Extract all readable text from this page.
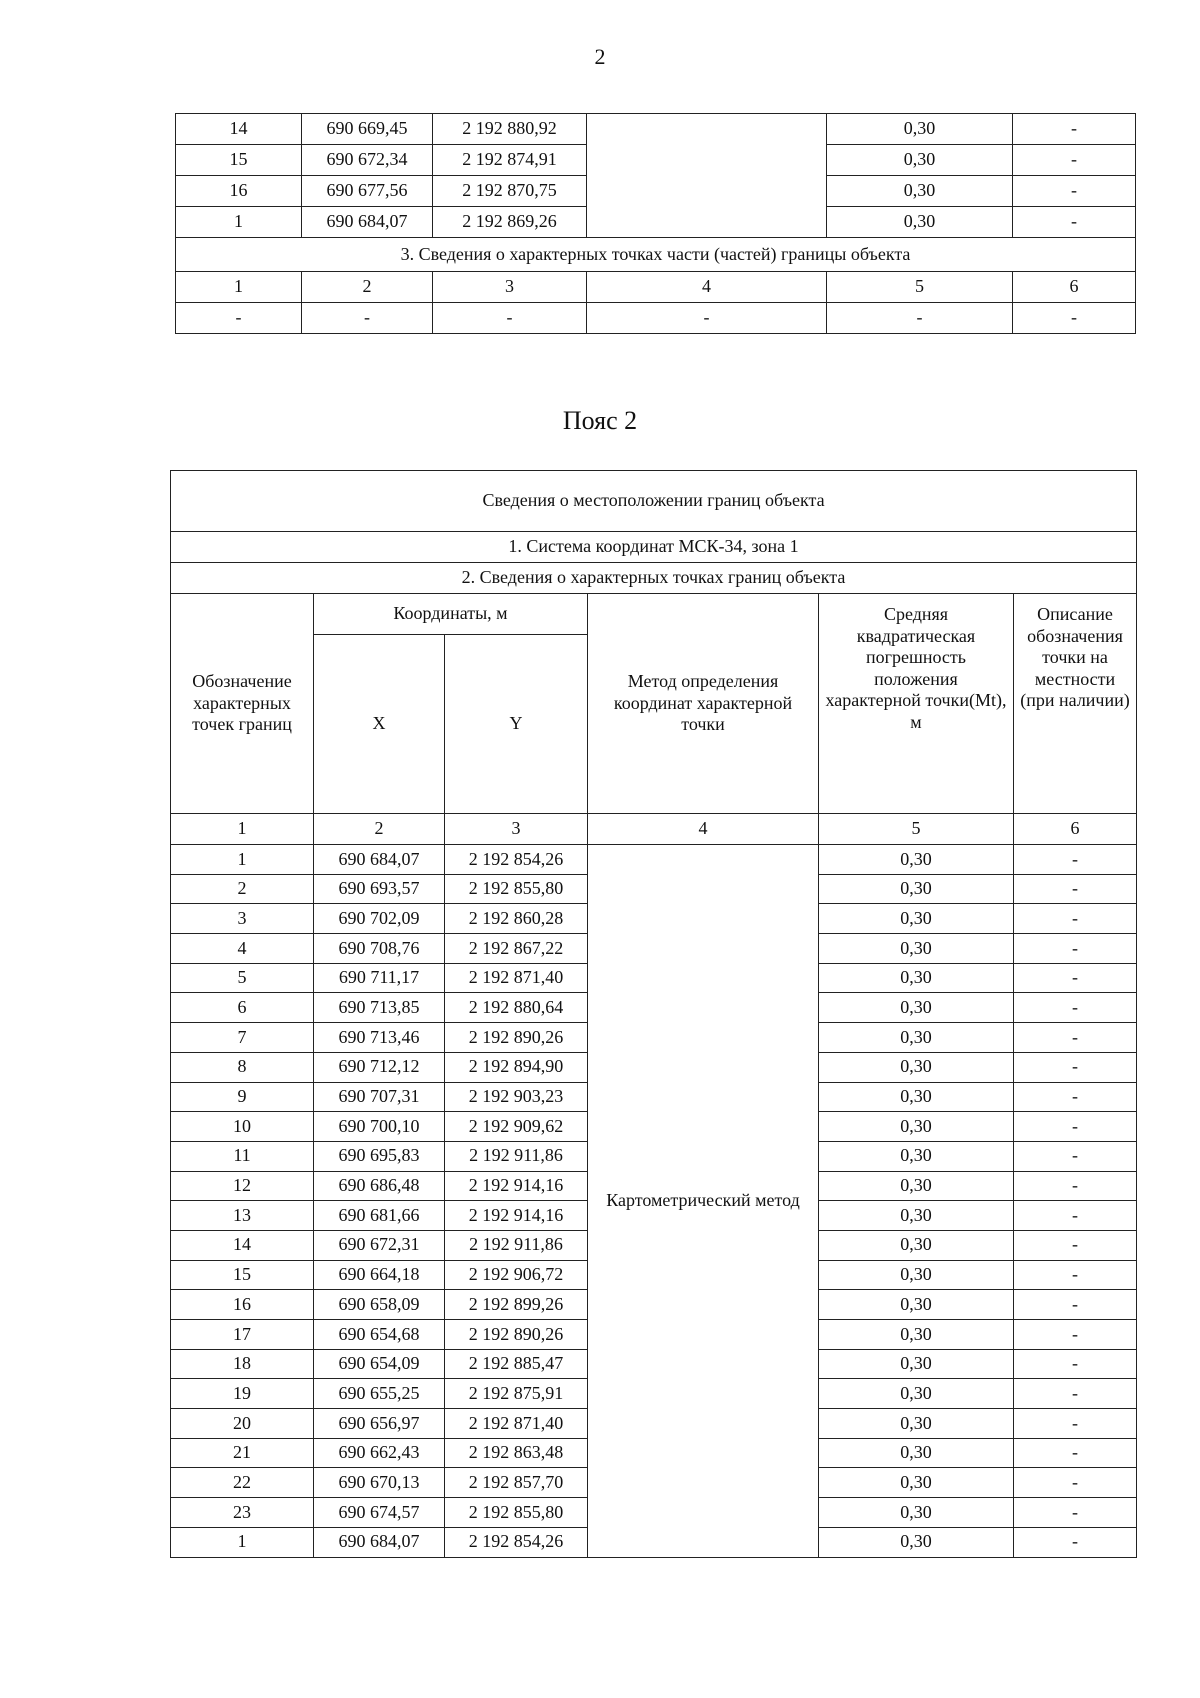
2
14	690 669,45	2 192 880,92		0,30	-
15	690 672,34	2 192 874,91		0,30	-
16	690 677,56	2 192 870,75		0,30	-
1	690 684,07	2 192 869,26		0,30	-
3. Сведения о характерных точках части (частей) границы объекта					
1	2	3	4	5	6
-	-	-	-	-	-
Пояс 2
Сведения о местоположении границ объекта					

1. Система координат МСК-34, зона 1					
2. Сведения о характерных точках границ объекта					
Обозначение характерных точек границ	Координаты, м		Метод определения координат характерной точки	Средняя квадратическая погрешность положения характерной точки(Mt), м	Описание обозначения точки на местности (при наличии)

	X	Y			
1	2	3	4	5	6
1	690 684,07	2 192 854,26	Картометрический метод	0,30	-
2	690 693,57	2 192 855,80		0,30	-
3	690 702,09	2 192 860,28		0,30	-
4	690 708,76	2 192 867,22		0,30	-
5	690 711,17	2 192 871,40		0,30	-
6	690 713,85	2 192 880,64		0,30	-
7	690 713,46	2 192 890,26		0,30	-
8	690 712,12	2 192 894,90		0,30	-
9	690 707,31	2 192 903,23		0,30	-
10	690 700,10	2 192 909,62		0,30	-
11	690 695,83	2 192 911,86		0,30	-
12	690 686,48	2 192 914,16		0,30	-
13	690 681,66	2 192 914,16		0,30	-
14	690 672,31	2 192 911,86		0,30	-
15	690 664,18	2 192 906,72		0,30	-
16	690 658,09	2 192 899,26		0,30	-
17	690 654,68	2 192 890,26		0,30	-
18	690 654,09	2 192 885,47		0,30	-
19	690 655,25	2 192 875,91		0,30	-
20	690 656,97	2 192 871,40		0,30	-
21	690 662,43	2 192 863,48		0,30	-
22	690 670,13	2 192 857,70		0,30	-
23	690 674,57	2 192 855,80		0,30	-
1	690 684,07	2 192 854,26		0,30	-
